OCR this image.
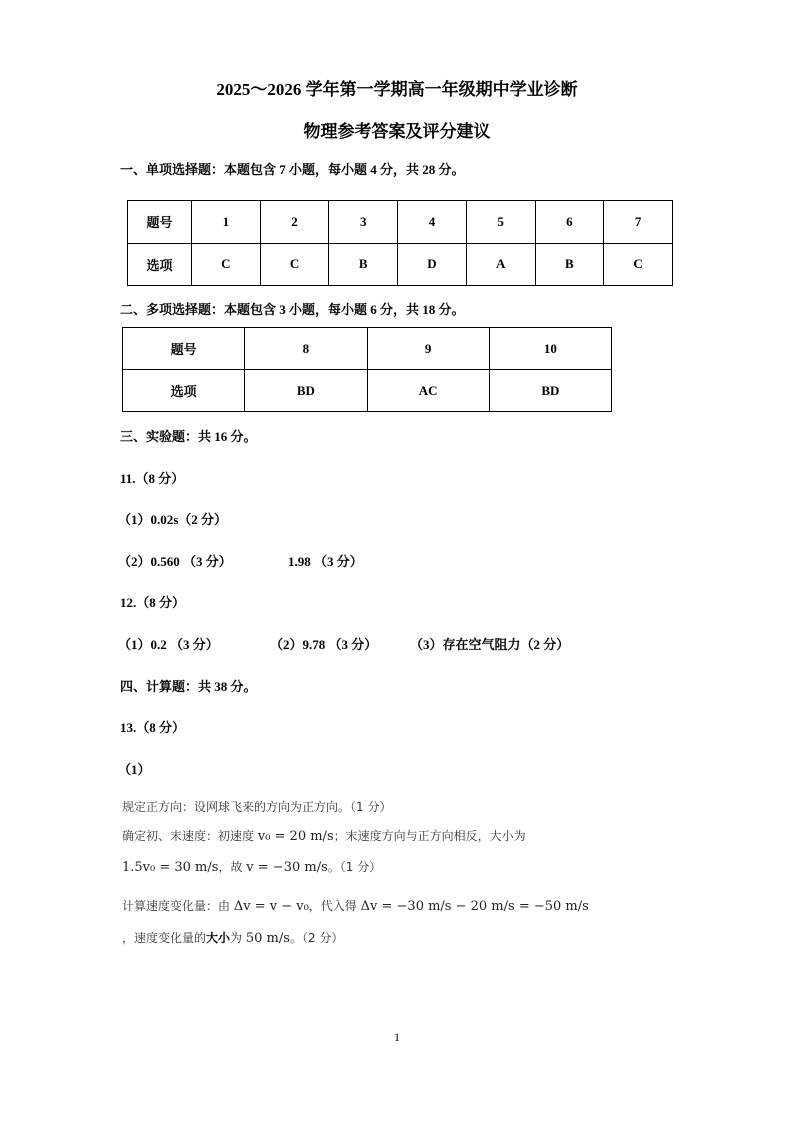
2025～2026 学年第一学期高一年级期中学业诊断
物理参考答案及评分建议
一、单项选择题：本题包含 7 小题，每小题 4 分，共 28 分。
题号	1	2	3	4	5	6	7
选项	C	C	B	D	A	B	C
二、多项选择题：本题包含 3 小题，每小题 6 分，共 18 分。
题号	8	9	10
选项	BD	AC	BD
三、实验题：共 16 分。
11.（8 分）
（1）0.02s（2 分）
（2）0.560 （3 分）	1.98 （3 分）
12.（8 分）
（1）0.2 （3 分）	（2）9.78 （3 分）	（3）存在空气阻力（2 分）
四、计算题：共 38 分。
13.（8 分）
（1）
规定正方向：设网球飞来的方向为正方向。（1 分）
确定初、末速度：初速度 v₀ = 20 m/s；末速度方向与正方向相反，大小为
1.5v₀ = 30 m/s，故 v = −30 m/s。（1 分）
计算速度变化量：由 Δv = v − v₀，代入得 Δv = −30 m/s − 20 m/s = −50 m/s
，速度变化量的大小为 50 m/s。（2 分）
1
